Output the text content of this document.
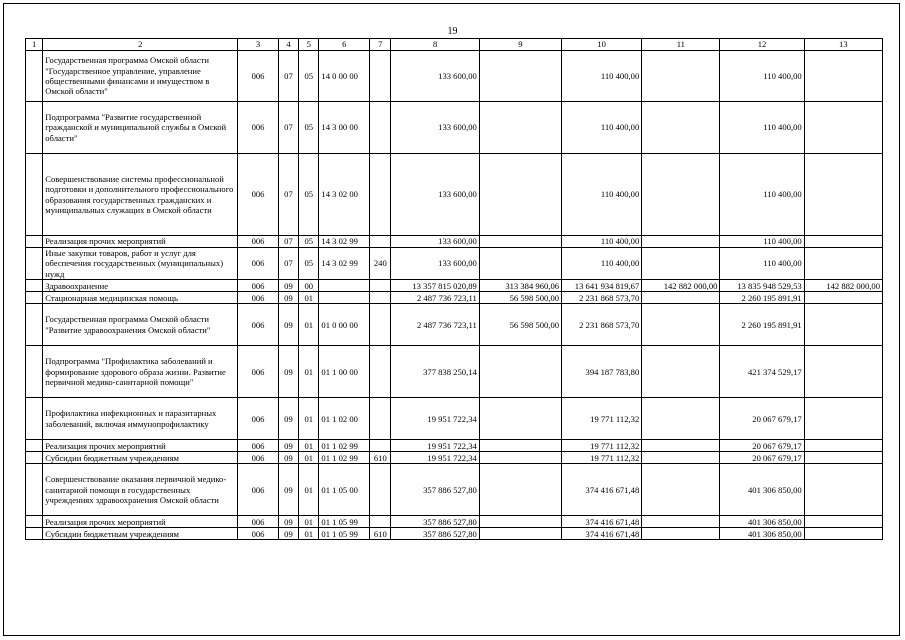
19
1	2	3	4	5	6	7	8	9	10	11	12	13
	Государственная программа Омской области "Государственное управление, управление общественными финансами и имуществом в Омской области"	006	07	05	14 0 00 00		133 600,00		110 400,00		110 400,00	
	Подпрограмма "Развитие государственной гражданской и муниципальной службы в Омской области"	006	07	05	14 3 00 00		133 600,00		110 400,00		110 400,00	
	Совершенствование системы профессиональной подготовки и дополнительного профессионального образования государственных гражданских и муниципальных служащих в Омской области	006	07	05	14 3 02 00		133 600,00		110 400,00		110 400,00	
	Реализация прочих мероприятий	006	07	05	14 3 02 99		133 600,00		110 400,00		110 400,00	
	Иные закупки товаров, работ и услуг для обеспечения государственных (муниципальных) нужд	006	07	05	14 3 02 99	240	133 600,00		110 400,00		110 400,00	
	Здравоохранение	006	09	00			13 357 815 020,89	313 384 960,06	13 641 934 819,67	142 882 000,00	13 835 948 529,53	142 882 000,00
	Стационарная медицинская помощь	006	09	01			2 487 736 723,11	56 598 500,00	2 231 868 573,70		2 260 195 891,91	
	Государственная программа Омской области "Развитие здравоохранения Омской области"	006	09	01	01 0 00 00		2 487 736 723,11	56 598 500,00	2 231 868 573,70		2 260 195 891,91	
	Подпрограмма "Профилактика заболеваний и формирование здорового образа жизни. Развитие первичной медико-санитарной помощи"	006	09	01	01 1 00 00		377 838 250,14		394 187 783,80		421 374 529,17	
	Профилактика инфекционных и паразитарных заболеваний, включая иммунопрофилактику	006	09	01	01 1 02 00		19 951 722,34		19 771 112,32		20 067 679,17	
	Реализация прочих мероприятий	006	09	01	01 1 02 99		19 951 722,34		19 771 112,32		20 067 679,17	
	Субсидии бюджетным учреждениям	006	09	01	01 1 02 99	610	19 951 722,34		19 771 112,32		20 067 679,17	
	Совершенствование оказания первичной медико-санитарной помощи в государственных учреждениях здравоохранения Омской области	006	09	01	01 1 05 00		357 886 527,80		374 416 671,48		401 306 850,00	
	Реализация прочих мероприятий	006	09	01	01 1 05 99		357 886 527,80		374 416 671,48		401 306 850,00	
	Субсидии бюджетным учреждениям	006	09	01	01 1 05 99	610	357 886 527,80		374 416 671,48		401 306 850,00	
